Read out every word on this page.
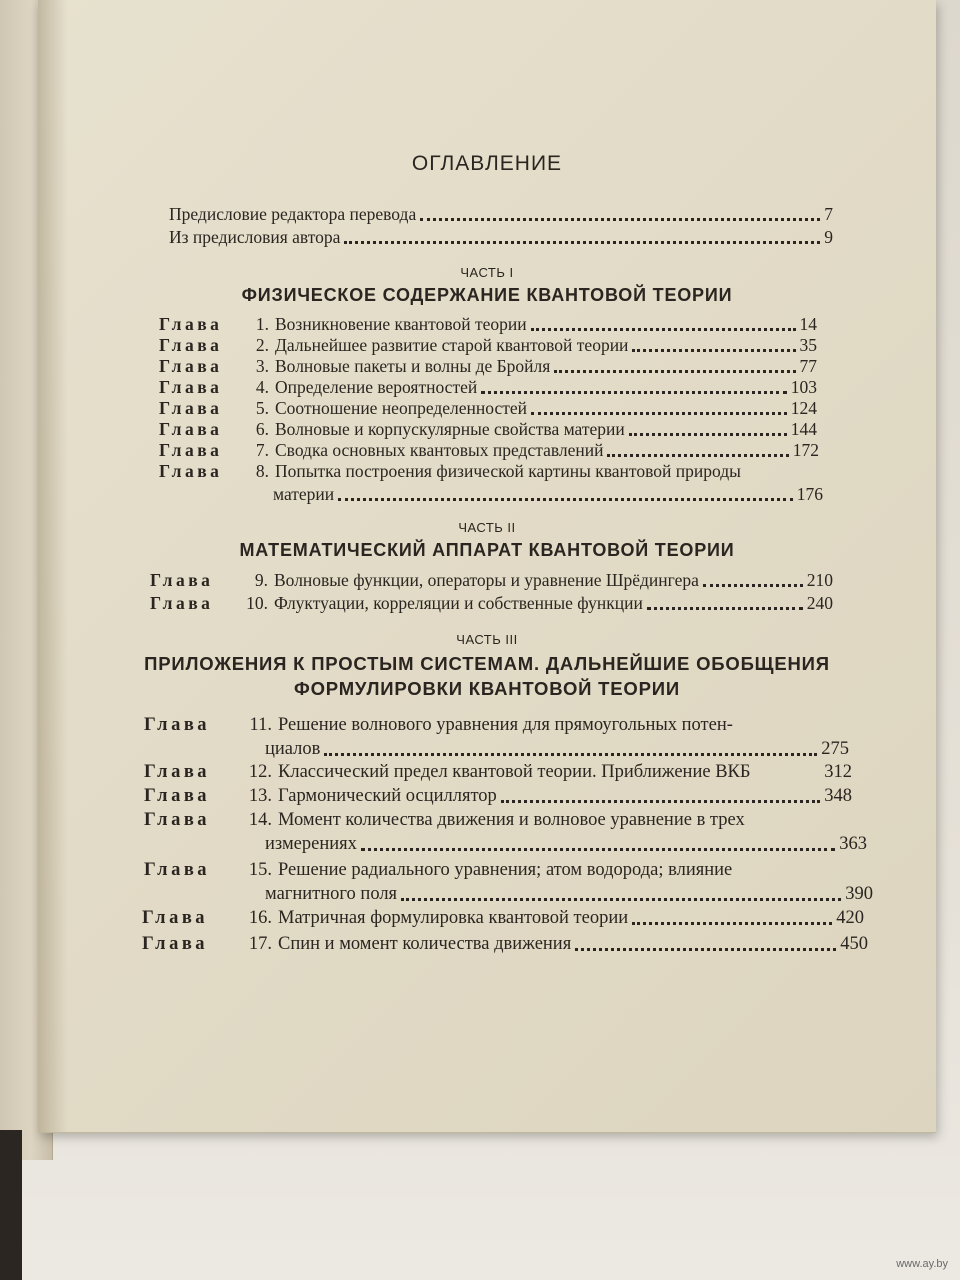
ОГЛАВЛЕНИЕ
Предисловие редактора перевода	7
Из предисловия автора	9
ЧАСТЬ I
ФИЗИЧЕСКОЕ СОДЕРЖАНИЕ КВАНТОВОЙ ТЕОРИИ
Глава	1. Возникновение квантовой теории	14
Глава	2. Дальнейшее развитие старой квантовой теории	35
Глава	3. Волновые пакеты и волны де Бройля	77
Глава	4. Определение вероятностей	103
Глава	5. Соотношение неопределенностей	124
Глава	6. Волновые и корпускулярные свойства материи	144
Глава	7. Сводка основных квантовых представлений	172
Глава	8. Попытка построения физической картины квантовой природы
материи	176
ЧАСТЬ II
МАТЕМАТИЧЕСКИЙ АППАРАТ КВАНТОВОЙ ТЕОРИИ
Глава	9. Волновые функции, операторы и уравнение Шрёдингера	210
Глава	10. Флуктуации, корреляции и собственные функции	240
ЧАСТЬ III
ПРИЛОЖЕНИЯ К ПРОСТЫМ СИСТЕМАМ. ДАЛЬНЕЙШИЕ ОБОБЩЕНИЯ
ФОРМУЛИРОВКИ КВАНТОВОЙ ТЕОРИИ
Глава	11. Решение волнового уравнения для прямоугольных потен-
циалов	275
Глава	12. Классический предел квантовой теории. Приближение ВКБ	312
Глава	13. Гармонический осциллятор	348
Глава	14. Момент количества движения и волновое уравнение в трех
измерениях	363
Глава	15. Решение радиального уравнения; атом водорода; влияние
магнитного поля	390
Глава	16. Матричная формулировка квантовой теории	420
Глава	17. Спин и момент количества движения	450
www.ay.by
